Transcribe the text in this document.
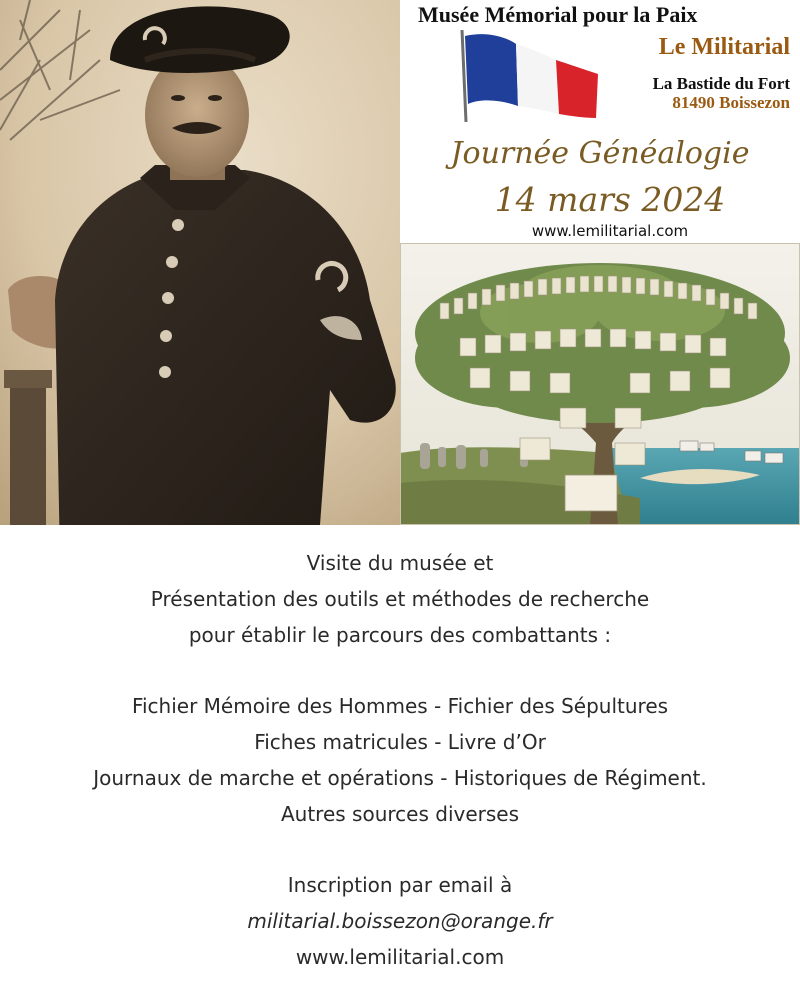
Musée Mémorial pour la Paix
Le Militarial
La Bastide du Fort
81490 Boissezon
Journée Généalogie
14 mars 2024
www.lemilitarial.com
Visite du musée et
Présentation des outils et méthodes de recherche
pour établir le parcours des combattants :
Fichier Mémoire des Hommes - Fichier des Sépultures
Fiches matricules - Livre d’Or
Journaux de marche et opérations - Historiques de Régiment.
Autres sources diverses
Inscription par email à
militarial.boissezon@orange.fr
www.lemilitarial.com
